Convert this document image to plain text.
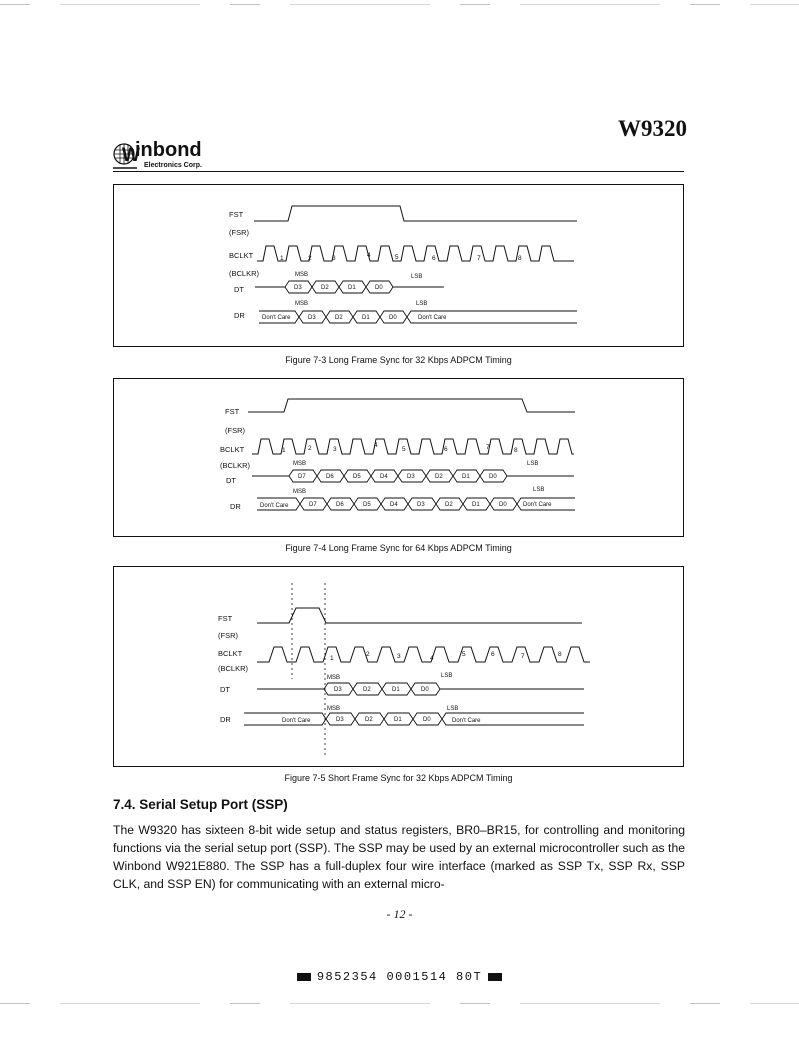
W9320
W
inbond
Electronics Corp.
FST
(FSR)
BCLKT
(BCLKR)
DT
DR
1	2	3	4	5	6	7	8
MSB	LSB
D3	D2	D1	D0
MSB	LSB
Don't Care	D3	D2	D1	D0	Don't Care
Figure 7-3 Long Frame Sync for 32 Kbps ADPCM Timing
FST
(FSR)
BCLKT
(BCLKR)
DT
DR
1	2	3
4
5	6	7	8
MSB	LSB
D7	D6	D5	D4	D3	D2	D1	D0
MSB	LSB
Don't Care	D7	D6	D5	D4	D3	D2	D1	D0	Don't Care
Figure 7-4 Long Frame Sync for 64 Kbps ADPCM Timing
FST
(FSR)
BCLKT
(BCLKR)
DT
DR
1
2	3	4
5	6	7	8
MSB	LSB
D3	D2	D1	D0
MSB	LSB
Don't Care	D3	D2	D1	D0	Don't Care
Figure 7-5 Short Frame Sync for 32 Kbps ADPCM Timing
7.4. Serial Setup Port (SSP)
The W9320 has sixteen 8-bit wide setup and status registers, BR0–BR15, for controlling and monitoring functions via the serial setup port (SSP). The SSP may be used by an external microcontroller such as the Winbond W921E880. The SSP has a full-duplex four wire interface (marked as SSP Tx, SSP Rx, SSP CLK, and SSP EN) for communicating with an external micro-
- 12 -
9852354 0001514 80T
